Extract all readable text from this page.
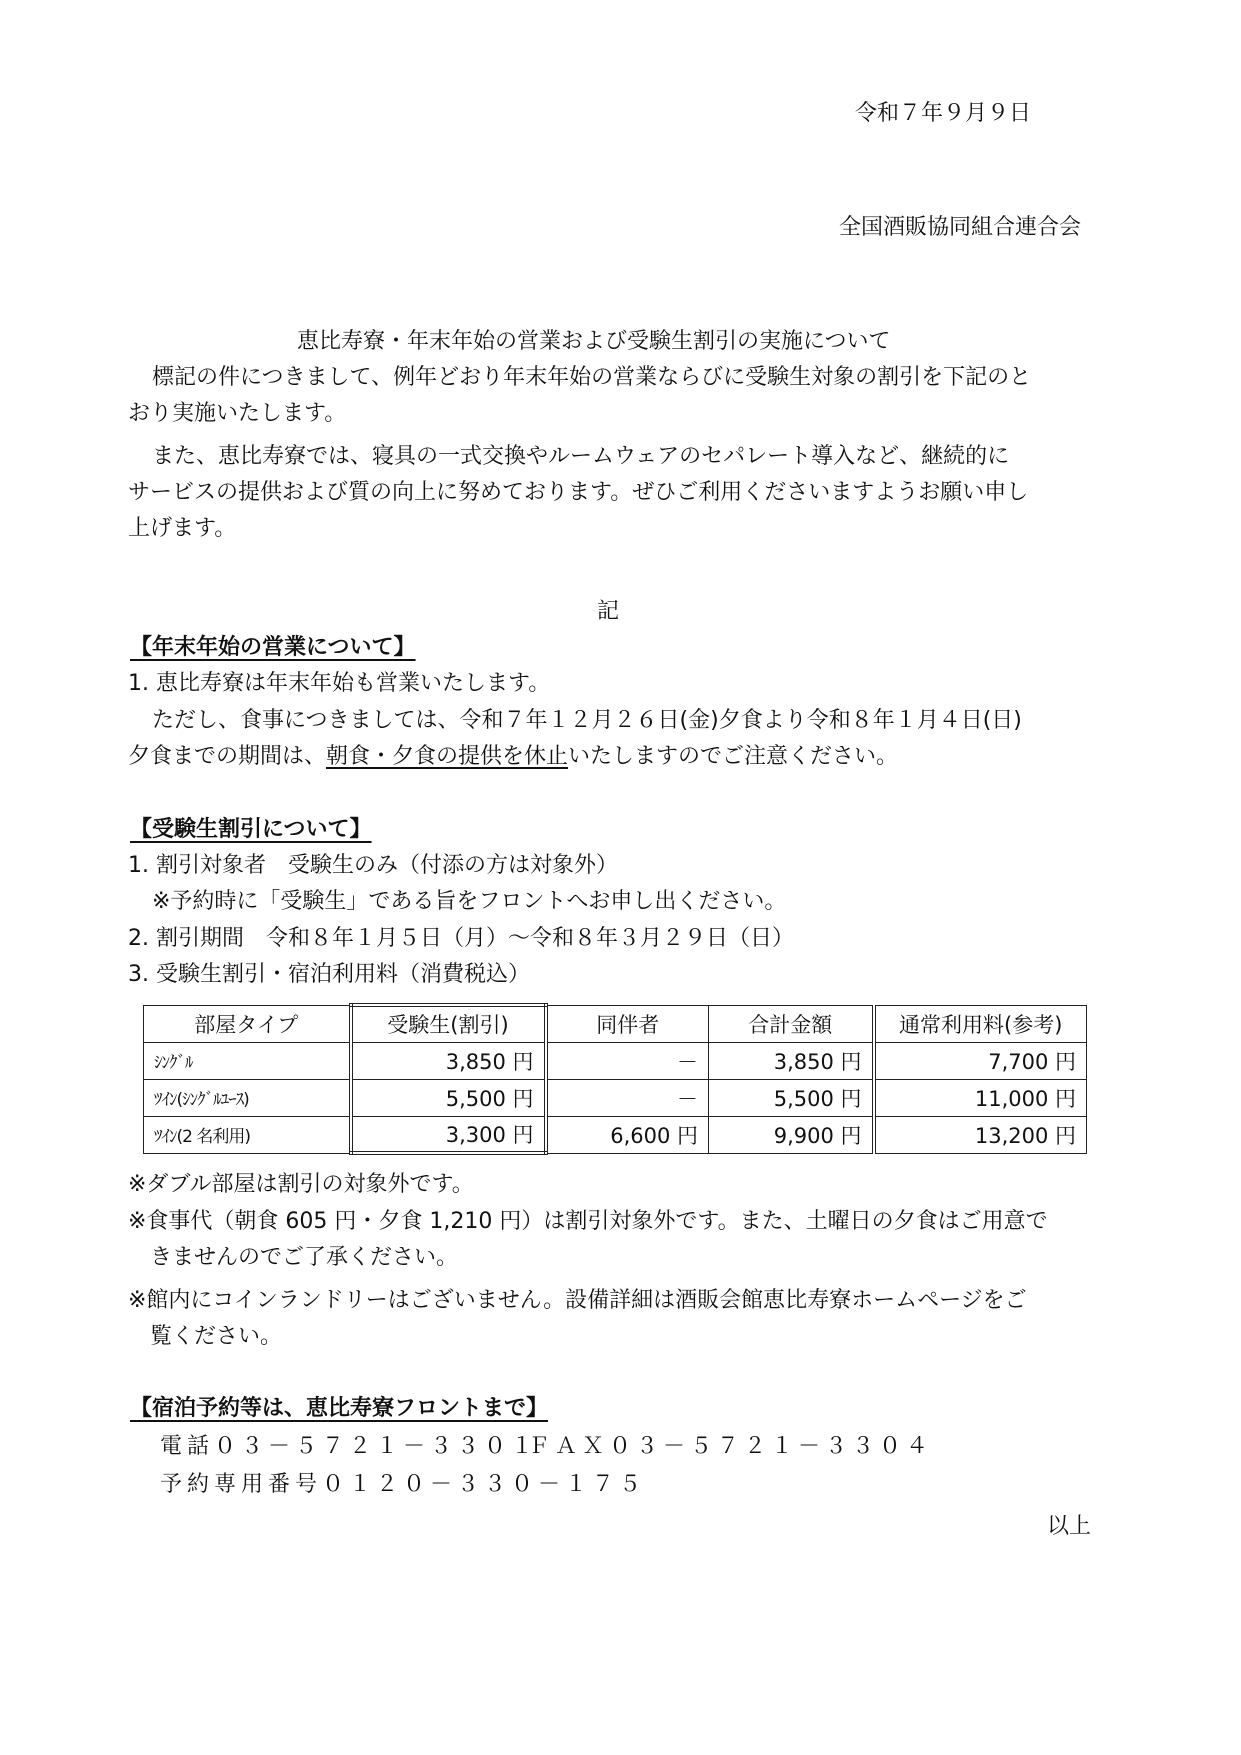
令和７年９月９日
全国酒販協同組合連合会
恵比寿寮・年末年始の営業および受験生割引の実施について
標記の件につきまして、例年どおり年末年始の営業ならびに受験生対象の割引を下記のと
おり実施いたします。
また、恵比寿寮では、寝具の一式交換やルームウェアのセパレート導入など、継続的に
サービスの提供および質の向上に努めております。ぜひご利用くださいますようお願い申し
上げます。
記
【年末年始の営業について】
1. 恵比寿寮は年末年始も営業いたします。
ただし、食事につきましては、令和７年１２月２６日(金)夕食より令和８年１月４日(日)
夕食までの期間は、朝食・夕食の提供を休止いたしますのでご注意ください。
【受験生割引について】
1. 割引対象者　受験生のみ（付添の方は対象外）
※予約時に「受験生」である旨をフロントへお申し出ください。
2. 割引期間　令和８年１月５日（月）～令和８年３月２９日（日）
3. 受験生割引・宿泊利用料（消費税込）
部屋タイプ	受験生(割引)	同伴者	合計金額	通常利用料(参考)
ｼﾝｸﾞﾙ	3,850 円	－	3,850 円	7,700 円
ﾂｲﾝ(ｼﾝｸﾞﾙﾕｰｽ)	5,500 円	－	5,500 円	11,000 円
ﾂｲﾝ(2 名利用)	3,300 円	6,600 円	9,900 円	13,200 円
※ダブル部屋は割引の対象外です。
※食事代（朝食 605 円・夕食 1,210 円）は割引対象外です。また、土曜日の夕食はご用意で
きませんのでご了承ください。
※館内にコインランドリーはございません。設備詳細は酒販会館恵比寿寮ホームページをご
覧ください。
【宿泊予約等は、恵比寿寮フロントまで】
電話０３－５７２１－３３０１
ＦＡＸ０３－５７２１－３３０４
予約専用番号０１２０－３３０－１７５
以上
